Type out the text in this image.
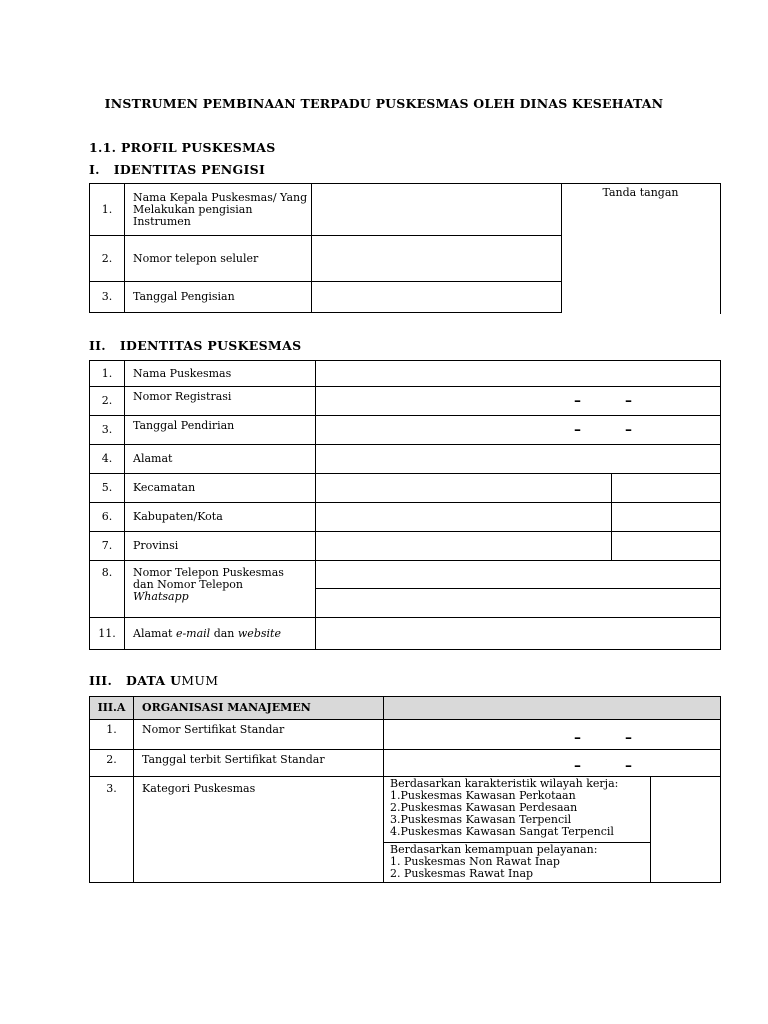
INSTRUMEN PEMBINAAN TERPADU PUSKESMAS OLEH DINAS KESEHATAN
1.1. PROFIL PUSKESMAS
I.   IDENTITAS PENGISI
1.	Nama Kepala Puskesmas/ Yang Melakukan pengisian Instrumen	
2.	Nomor telepon seluler	
3.	Tanggal Pengisian	
Tanda tangan
II.   IDENTITAS PUSKESMAS
1.	Nama Puskesmas		
2.	Nomor Registrasi	– –	

3.	Tanggal Pendirian	– –	

4.	Alamat		
5.	Kecamatan		
6.	Kabupaten/Kota		
7.	Provinsi		
8.	Nomor Telepon Puskesmas
dan Nomor Telepon
Whatsapp		

11.	Alamat e-mail dan website		
III.   DATA UMUM
III.A	ORGANISASI MANAJEMEN		
1.	Nomor Sertifikat Standar	– –	

2.	Tanggal terbit Sertifikat Standar	– –	

3.	Kategori Puskesmas	Berdasarkan karakteristik wilayah kerja:
1.Puskesmas Kawasan Perkotaan
2.Puskesmas Kawasan Perdesaan
3.Puskesmas Kawasan Terpencil
4.Puskesmas Kawasan Sangat Terpencil	

		Berdasarkan kemampuan pelayanan:
1. Puskesmas Non Rawat Inap
2. Puskesmas Rawat Inap	
